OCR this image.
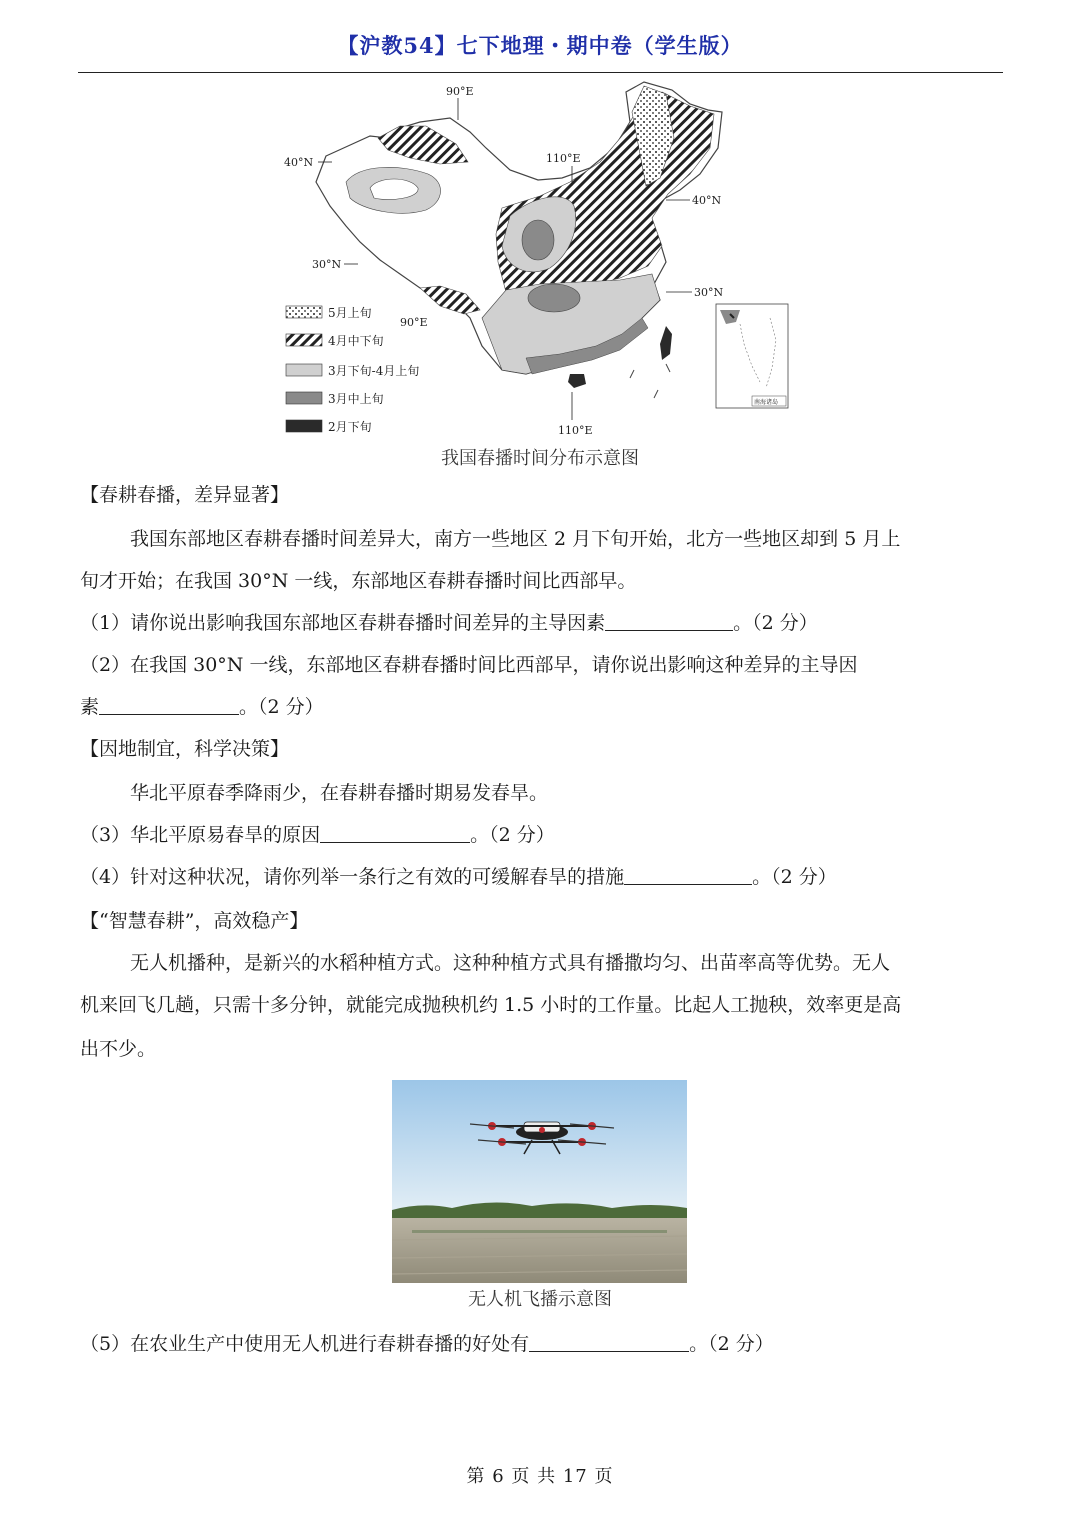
【沪教54】七下地理・期中卷（学生版）
90°E
110°E
40°N
40°N
30°N
30°N
90°E
110°E
南海诸岛
5月上旬
4月中下旬
3月下旬-4月上旬
3月中上旬
2月下旬
我国春播时间分布示意图
【春耕春播，差异显著】
我国东部地区春耕春播时间差异大，南方一些地区 2 月下旬开始，北方一些地区却到 5 月上
旬才开始；在我国 30°N 一线，东部地区春耕春播时间比西部早。
（1）请你说出影响我国东部地区春耕春播时间差异的主导因素	。（2 分）
（2）在我国 30°N 一线，东部地区春耕春播时间比西部早，请你说出影响这种差异的主导因
素	。（2 分）
【因地制宜，科学决策】
华北平原春季降雨少，在春耕春播时期易发春旱。
（3）华北平原易春旱的原因	。（2 分）
（4）针对这种状况，请你列举一条行之有效的可缓解春旱的措施	。（2 分）
【“智慧春耕”，高效稳产】
无人机播种，是新兴的水稻种植方式。这种种植方式具有播撒均匀、出苗率高等优势。无人
机来回飞几趟，只需十多分钟，就能完成抛秧机约 1.5 小时的工作量。比起人工抛秧，效率更是高
出不少。
无人机飞播示意图
（5）在农业生产中使用无人机进行春耕春播的好处有	。（2 分）
第 6 页 共 17 页
